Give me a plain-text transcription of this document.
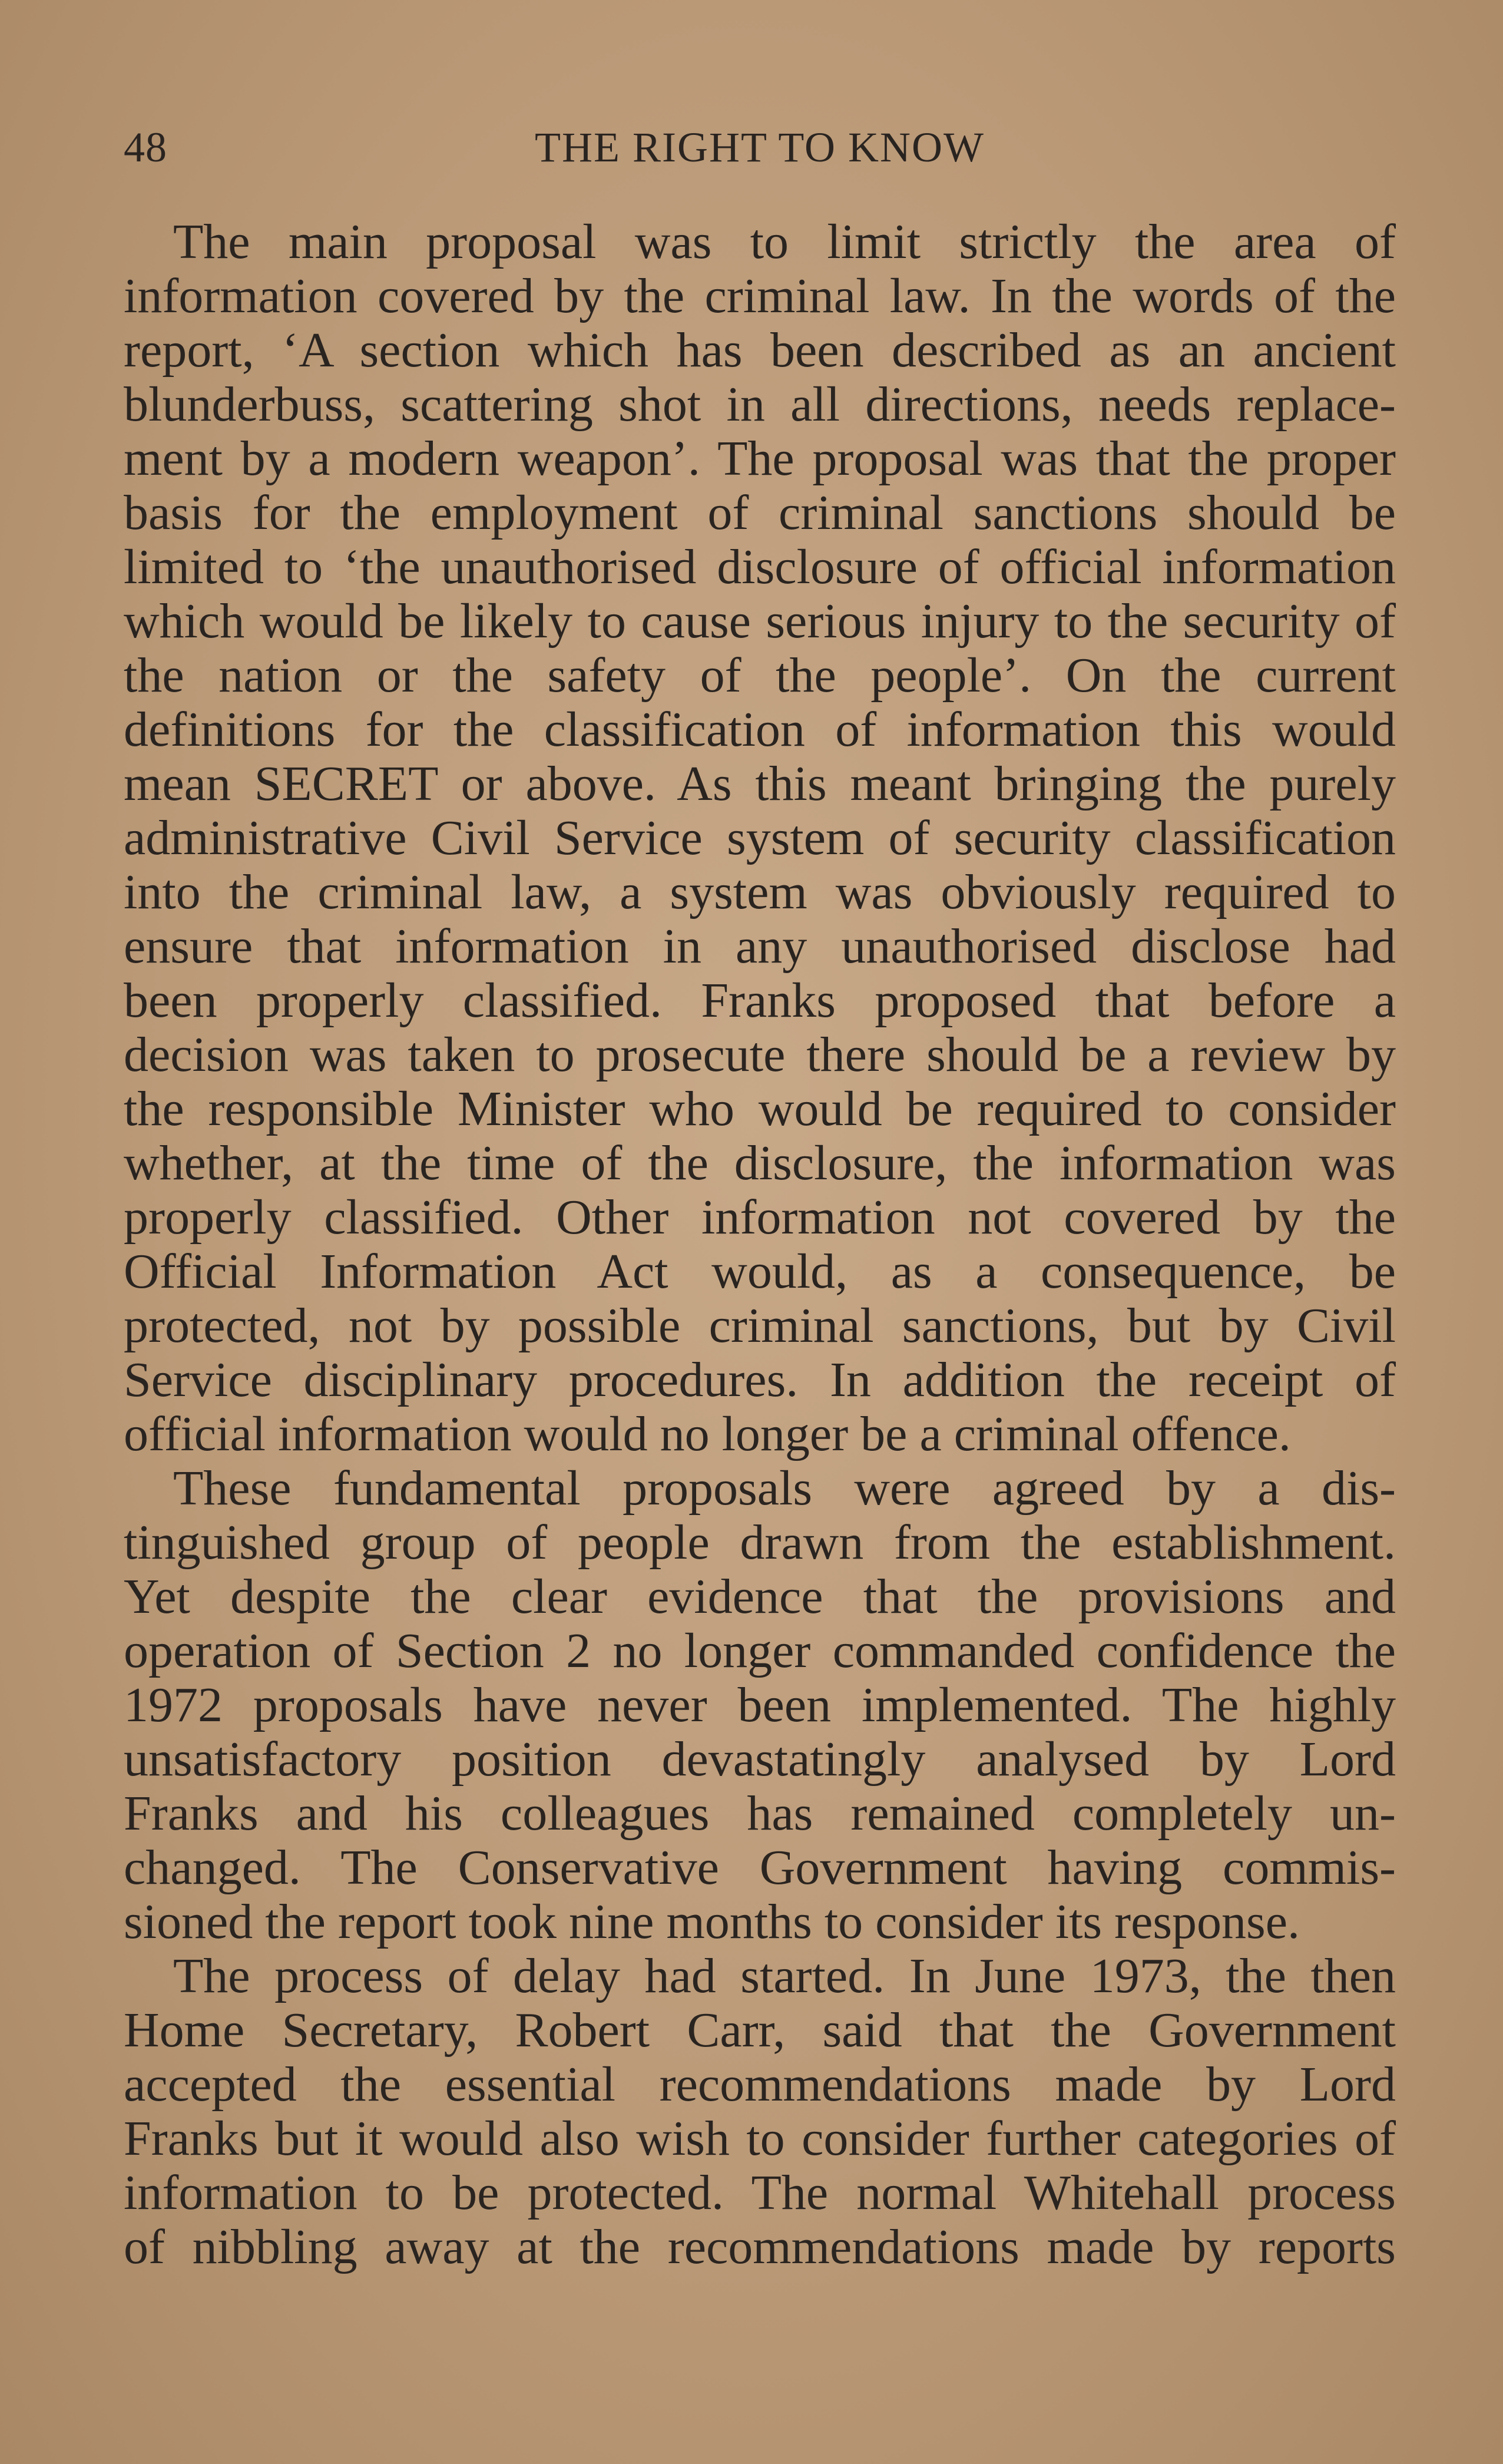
48	THE RIGHT TO KNOW
The main proposal was to limit strictly the area of
information covered by the criminal law. In the words of the
report, ‘A section which has been described as an ancient
blunderbuss, scattering shot in all directions, needs replace-
ment by a modern weapon’. The proposal was that the proper
basis for the employment of criminal sanctions should be
limited to ‘the unauthorised disclosure of official information
which would be likely to cause serious injury to the security of
the nation or the safety of the people’. On the current
definitions for the classification of information this would
mean SECRET or above. As this meant bringing the purely
administrative Civil Service system of security classification
into the criminal law, a system was obviously required to
ensure that information in any unauthorised disclose had
been properly classified. Franks proposed that before a
decision was taken to prosecute there should be a review by
the responsible Minister who would be required to consider
whether, at the time of the disclosure, the information was
properly classified. Other information not covered by the
Official Information Act would, as a consequence, be
protected, not by possible criminal sanctions, but by Civil
Service disciplinary procedures. In addition the receipt of
official information would no longer be a criminal offence.
These fundamental proposals were agreed by a dis-
tinguished group of people drawn from the establishment.
Yet despite the clear evidence that the provisions and
operation of Section 2 no longer commanded confidence the
1972 proposals have never been implemented. The highly
unsatisfactory position devastatingly analysed by Lord
Franks and his colleagues has remained completely un-
changed. The Conservative Government having commis-
sioned the report took nine months to consider its response.
The process of delay had started. In June 1973, the then
Home Secretary, Robert Carr, said that the Government
accepted the essential recommendations made by Lord
Franks but it would also wish to consider further categories of
information to be protected. The normal Whitehall process
of nibbling away at the recommendations made by reports
